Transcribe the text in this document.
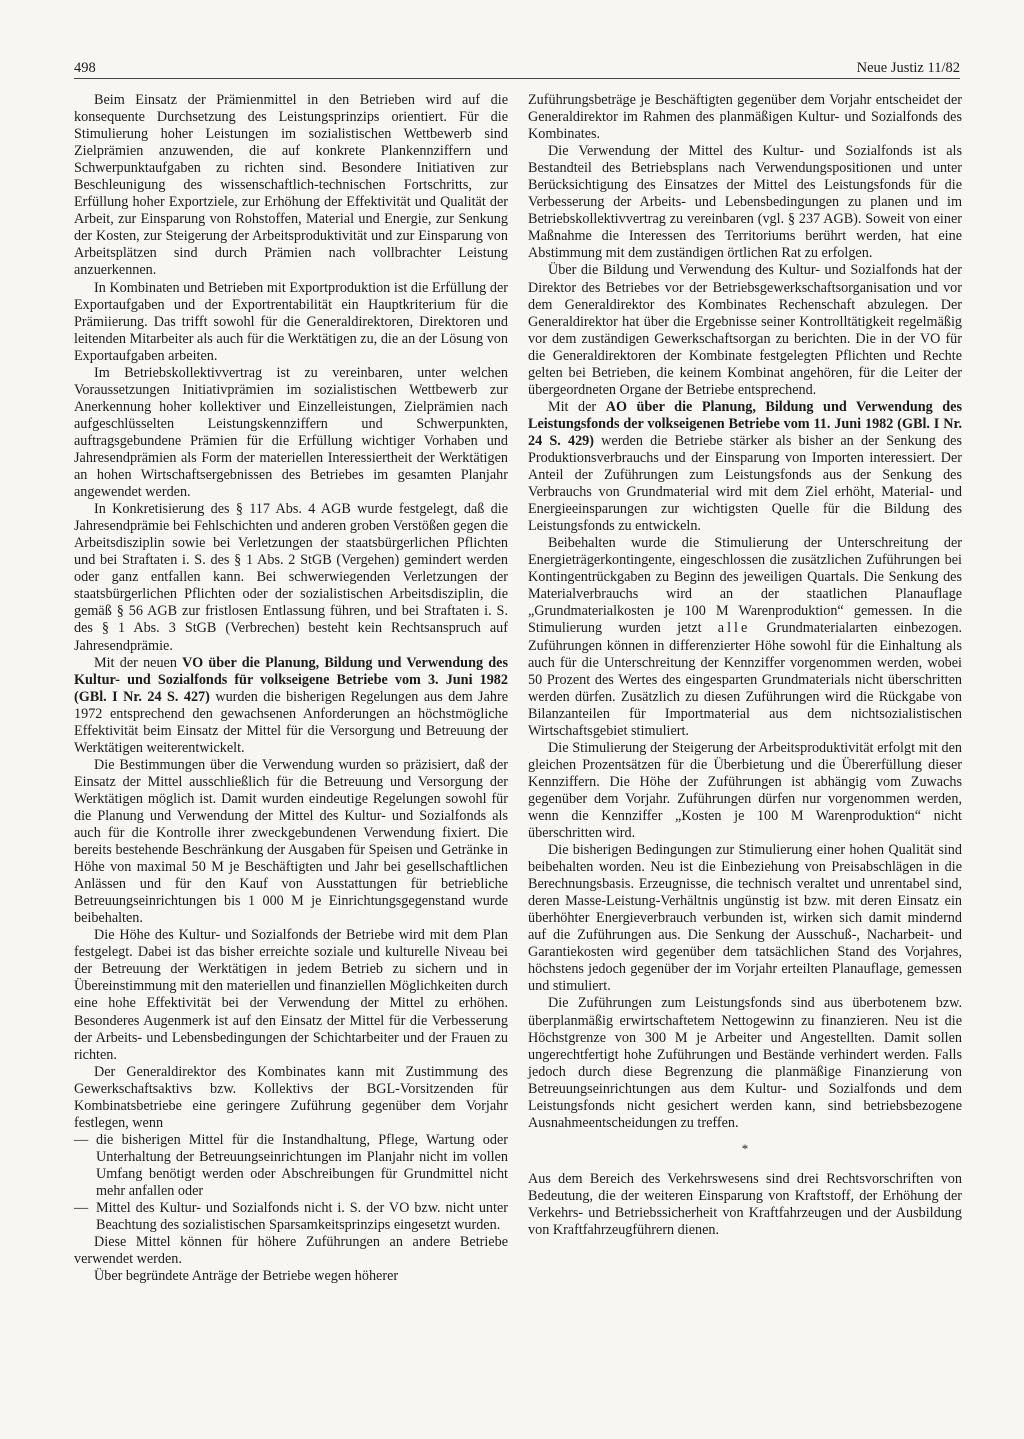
498	Neue Justiz 11/82

Beim Einsatz der Prämienmittel in den Betrieben wird auf die konsequente Durchsetzung des Leistungsprinzips orientiert. Für die Stimulierung hoher Leistungen im sozialistischen Wettbewerb sind Zielprämien anzuwenden, die auf konkrete Plankennziffern und Schwerpunktaufgaben zu richten sind. Besondere Initiativen zur Beschleunigung des wissenschaftlich-technischen Fortschritts, zur Erfüllung hoher Exportziele, zur Erhöhung der Effektivität und Qualität der Arbeit, zur Einsparung von Rohstoffen, Material und Energie, zur Senkung der Kosten, zur Steigerung der Arbeitsproduktivität und zur Einsparung von Arbeitsplätzen sind durch Prämien nach vollbrachter Leistung anzuerkennen.

In Kombinaten und Betrieben mit Exportproduktion ist die Erfüllung der Exportaufgaben und der Exportrentabilität ein Hauptkriterium für die Prämiierung. Das trifft sowohl für die Generaldirektoren, Direktoren und leitenden Mitarbeiter als auch für die Werktätigen zu, die an der Lösung von Exportaufgaben arbeiten.

Im Betriebskollektivvertrag ist zu vereinbaren, unter welchen Voraussetzungen Initiativprämien im sozialistischen Wettbewerb zur Anerkennung hoher kollektiver und Einzelleistungen, Zielprämien nach aufgeschlüsselten Leistungskennziffern und Schwerpunkten, auftragsgebundene Prämien für die Erfüllung wichtiger Vorhaben und Jahresendprämien als Form der materiellen Interessiertheit der Werktätigen an hohen Wirtschaftsergebnissen des Betriebes im gesamten Planjahr angewendet werden.

In Konkretisierung des § 117 Abs. 4 AGB wurde festgelegt, daß die Jahresendprämie bei Fehlschichten und anderen groben Verstößen gegen die Arbeitsdisziplin sowie bei Verletzungen der staatsbürgerlichen Pflichten und bei Straftaten i. S. des § 1 Abs. 2 StGB (Vergehen) gemindert werden oder ganz entfallen kann. Bei schwerwiegenden Verletzungen der staatsbürgerlichen Pflichten oder der sozialistischen Arbeitsdisziplin, die gemäß § 56 AGB zur fristlosen Entlassung führen, und bei Straftaten i. S. des § 1 Abs. 3 StGB (Verbrechen) besteht kein Rechtsanspruch auf Jahresendprämie.

Mit der neuen VO über die Planung, Bildung und Verwendung des Kultur- und Sozialfonds für volkseigene Betriebe vom 3. Juni 1982 (GBl. I Nr. 24 S. 427) wurden die bisherigen Regelungen aus dem Jahre 1972 entsprechend den gewachsenen Anforderungen an höchstmögliche Effektivität beim Einsatz der Mittel für die Versorgung und Betreuung der Werktätigen weiterentwickelt.

Die Bestimmungen über die Verwendung wurden so präzisiert, daß der Einsatz der Mittel ausschließlich für die Betreuung und Versorgung der Werktätigen möglich ist. Damit wurden eindeutige Regelungen sowohl für die Planung und Verwendung der Mittel des Kultur- und Sozialfonds als auch für die Kontrolle ihrer zweckgebundenen Verwendung fixiert. Die bereits bestehende Beschränkung der Ausgaben für Speisen und Getränke in Höhe von maximal 50 M je Beschäftigten und Jahr bei gesellschaftlichen Anlässen und für den Kauf von Ausstattungen für betriebliche Betreuungseinrichtungen bis 1 000 M je Einrichtungsgegenstand wurde beibehalten.

Die Höhe des Kultur- und Sozialfonds der Betriebe wird mit dem Plan festgelegt. Dabei ist das bisher erreichte soziale und kulturelle Niveau bei der Betreuung der Werktätigen in jedem Betrieb zu sichern und in Übereinstimmung mit den materiellen und finanziellen Möglichkeiten durch eine hohe Effektivität bei der Verwendung der Mittel zu erhöhen. Besonderes Augenmerk ist auf den Einsatz der Mittel für die Verbesserung der Arbeits- und Lebensbedingungen der Schichtarbeiter und der Frauen zu richten.

Der Generaldirektor des Kombinates kann mit Zustimmung des Gewerkschaftsaktivs bzw. Kollektivs der BGL-Vorsitzenden für Kombinatsbetriebe eine geringere Zuführung gegenüber dem Vorjahr festlegen, wenn

— die bisherigen Mittel für die Instandhaltung, Pflege, Wartung oder Unterhaltung der Betreuungseinrichtungen im Planjahr nicht im vollen Umfang benötigt werden oder Abschreibungen für Grundmittel nicht mehr anfallen oder
— Mittel des Kultur- und Sozialfonds nicht i. S. der VO bzw. nicht unter Beachtung des sozialistischen Sparsamkeitsprinzips eingesetzt wurden.

Diese Mittel können für höhere Zuführungen an andere Betriebe verwendet werden.

Über begründete Anträge der Betriebe wegen höherer

Zuführungsbeträge je Beschäftigten gegenüber dem Vorjahr entscheidet der Generaldirektor im Rahmen des planmäßigen Kultur- und Sozialfonds des Kombinates.

Die Verwendung der Mittel des Kultur- und Sozialfonds ist als Bestandteil des Betriebsplans nach Verwendungspositionen und unter Berücksichtigung des Einsatzes der Mittel des Leistungsfonds für die Verbesserung der Arbeits- und Lebensbedingungen zu planen und im Betriebskollektivvertrag zu vereinbaren (vgl. § 237 AGB). Soweit von einer Maßnahme die Interessen des Territoriums berührt werden, hat eine Abstimmung mit dem zuständigen örtlichen Rat zu erfolgen.

Über die Bildung und Verwendung des Kultur- und Sozialfonds hat der Direktor des Betriebes vor der Betriebsgewerkschaftsorganisation und vor dem Generaldirektor des Kombinates Rechenschaft abzulegen. Der Generaldirektor hat über die Ergebnisse seiner Kontrolltätigkeit regelmäßig vor dem zuständigen Gewerkschaftsorgan zu berichten. Die in der VO für die Generaldirektoren der Kombinate festgelegten Pflichten und Rechte gelten bei Betrieben, die keinem Kombinat angehören, für die Leiter der übergeordneten Organe der Betriebe entsprechend.

Mit der AO über die Planung, Bildung und Verwendung des Leistungsfonds der volkseigenen Betriebe vom 11. Juni 1982 (GBl. I Nr. 24 S. 429) werden die Betriebe stärker als bisher an der Senkung des Produktionsverbrauchs und der Einsparung von Importen interessiert. Der Anteil der Zuführungen zum Leistungsfonds aus der Senkung des Verbrauchs von Grundmaterial wird mit dem Ziel erhöht, Material- und Energieeinsparungen zur wichtigsten Quelle für die Bildung des Leistungsfonds zu entwickeln.

Beibehalten wurde die Stimulierung der Unterschreitung der Energieträgerkontingente, eingeschlossen die zusätzlichen Zuführungen bei Kontingentrückgaben zu Beginn des jeweiligen Quartals. Die Senkung des Materialverbrauchs wird an der staatlichen Planauflage „Grundmaterialkosten je 100 M Warenproduktion“ gemessen. In die Stimulierung wurden jetzt alle Grundmaterialarten einbezogen. Zuführungen können in differenzierter Höhe sowohl für die Einhaltung als auch für die Unterschreitung der Kennziffer vorgenommen werden, wobei 50 Prozent des Wertes des eingesparten Grundmaterials nicht überschritten werden dürfen. Zusätzlich zu diesen Zuführungen wird die Rückgabe von Bilanzanteilen für Importmaterial aus dem nichtsozialistischen Wirtschaftsgebiet stimuliert.

Die Stimulierung der Steigerung der Arbeitsproduktivität erfolgt mit den gleichen Prozentsätzen für die Überbietung und die Übererfüllung dieser Kennziffern. Die Höhe der Zuführungen ist abhängig vom Zuwachs gegenüber dem Vorjahr. Zuführungen dürfen nur vorgenommen werden, wenn die Kennziffer „Kosten je 100 M Warenproduktion“ nicht überschritten wird.

Die bisherigen Bedingungen zur Stimulierung einer hohen Qualität sind beibehalten worden. Neu ist die Einbeziehung von Preisabschlägen in die Berechnungsbasis. Erzeugnisse, die technisch veraltet und unrentabel sind, deren Masse-Leistung-Verhältnis ungünstig ist bzw. mit deren Einsatz ein überhöhter Energieverbrauch verbunden ist, wirken sich damit mindernd auf die Zuführungen aus. Die Senkung der Ausschuß-, Nacharbeit- und Garantiekosten wird gegenüber dem tatsächlichen Stand des Vorjahres, höchstens jedoch gegenüber der im Vorjahr erteilten Planauflage, gemessen und stimuliert.

Die Zuführungen zum Leistungsfonds sind aus überbotenem bzw. überplanmäßig erwirtschaftetem Nettogewinn zu finanzieren. Neu ist die Höchstgrenze von 300 M je Arbeiter und Angestellten. Damit sollen ungerechtfertigt hohe Zuführungen und Bestände verhindert werden. Falls jedoch durch diese Begrenzung die planmäßige Finanzierung von Betreuungseinrichtungen aus dem Kultur- und Sozialfonds und dem Leistungsfonds nicht gesichert werden kann, sind betriebsbezogene Ausnahmeentscheidungen zu treffen.

*

Aus dem Bereich des Verkehrswesens sind drei Rechtsvorschriften von Bedeutung, die der weiteren Einsparung von Kraftstoff, der Erhöhung der Verkehrs- und Betriebssicherheit von Kraftfahrzeugen und der Ausbildung von Kraftfahrzeugführern dienen.
